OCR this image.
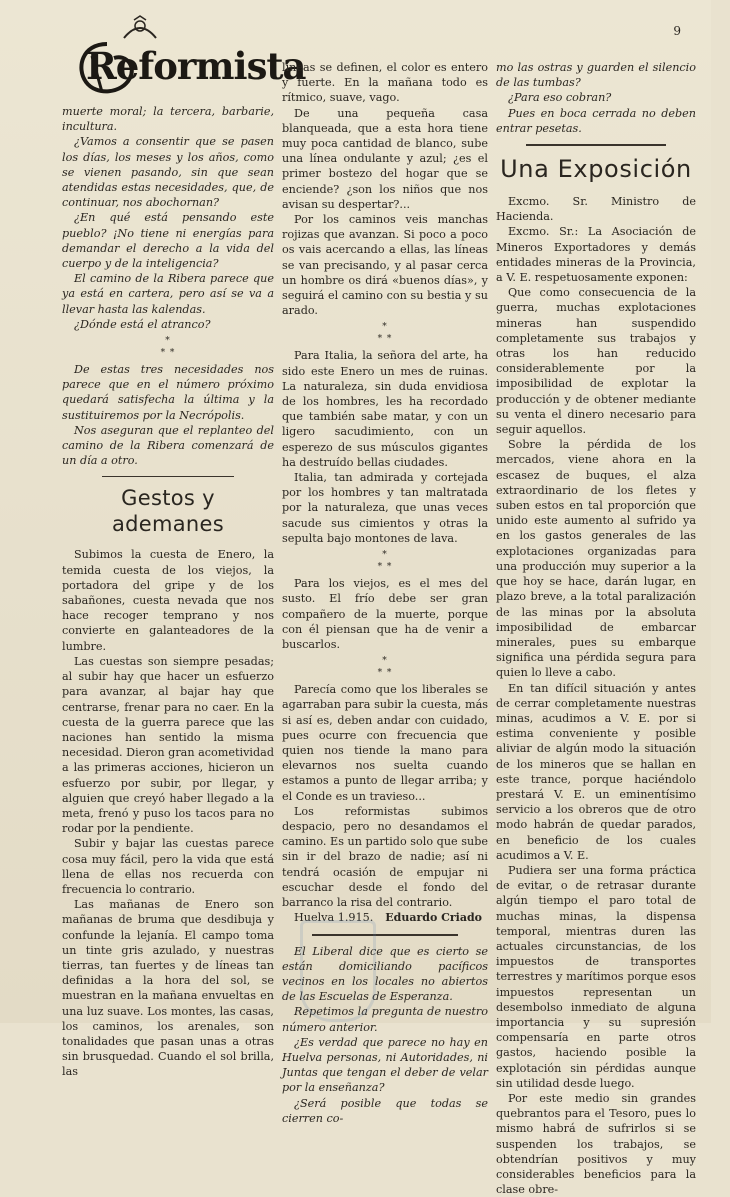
Reformista
9

muerte moral; la tercera, barbarie, incultura.

¿Vamos a consentir que se pasen los días, los meses y los años, como se vienen pasando, sin que sean atendidas estas necesidades, que, de continuar, nos abochornan?

¿En qué está pensando este pueblo? ¡No tiene ni energías para demandar el derecho a la vida del cuerpo y de la inteligencia?

El camino de la Ribera parece que ya está en cartera, pero así se va a llevar hasta las kalendas.

¿Dónde está el atranco?

*
* *

De estas tres necesidades nos parece que en el número próximo quedará satisfecha la última y la sustituiremos por la Necrópolis.

Nos aseguran que el replanteo del camino de la Ribera comenzará de un día a otro.

Gestos y ademanes

Subimos la cuesta de Enero, la temida cuesta de los viejos, la portadora del gripe y de los sabañones, cuesta nevada que nos hace recoger temprano y nos convierte en galanteadores de la lumbre.

Las cuestas son siempre pesadas; al subir hay que hacer un esfuerzo para avanzar, al bajar hay que centrarse, frenar para no caer. En la cuesta de la guerra parece que las naciones han sentido la misma necesidad. Dieron gran acometividad a las primeras acciones, hicieron un esfuerzo por subir, por llegar, y alguien que creyó haber llegado a la meta, frenó y puso los tacos para no rodar por la pendiente.

Subir y bajar las cuestas parece cosa muy fácil, pero la vida que está llena de ellas nos recuerda con frecuencia lo contrario.

Las mañanas de Enero son mañanas de bruma que desdibuja y confunde la lejanía. El campo toma un tinte gris azulado, y nuestras tierras, tan fuertes y de líneas tan definidas a la hora del sol, se muestran en la mañana envueltas en una luz suave. Los montes, las casas, los caminos, los arenales, son tonalidades que pasan unas a otras sin brusquedad. Cuando el sol brilla, las

líneas se definen, el color es entero y fuerte. En la mañana todo es rítmico, suave, vago.

De una pequeña casa blanqueada, que a esta hora tiene muy poca cantidad de blanco, sube una línea ondulante y azul; ¿es el primer bostezo del hogar que se enciende? ¿son los niños que nos avisan su despertar?...

Por los caminos veis manchas rojizas que avanzan. Si poco a poco os vais acercando a ellas, las líneas se van precisando, y al pasar cerca un hombre os dirá «buenos días», y seguirá el camino con su bestia y su arado.

*
* *

Para Italia, la señora del arte, ha sido este Enero un mes de ruinas. La naturaleza, sin duda envidiosa de los hombres, les ha recordado que también sabe matar, y con un ligero sacudimiento, con un esperezo de sus músculos gigantes ha destruído bellas ciudades.

Italia, tan admirada y cortejada por los hombres y tan maltratada por la naturaleza, que unas veces sacude sus cimientos y otras la sepulta bajo montones de lava.

*
* *

Para los viejos, es el mes del susto. El frío debe ser gran compañero de la muerte, porque con él piensan que ha de venir a buscarlos.

*
* *

Parecía como que los liberales se agarraban para subir la cuesta, más si así es, deben andar con cuidado, pues ocurre con frecuencia que quien nos tiende la mano para elevarnos nos suelta cuando estamos a punto de llegar arriba; y el Conde es un travieso...

Los reformistas subimos despacio, pero no desandamos el camino. Es un partido solo que sube sin ir del brazo de nadie; así ni tendrá ocasión de empujar ni escuchar desde el fondo del barranco la risa del contrario.

Eduardo Criado

Huelva 1.915.

El Liberal dice que es cierto se están domiciliando pacíficos vecinos en los locales no abiertos de las Escuelas de Esperanza.

Repetimos la pregunta de nuestro número anterior.

¿Es verdad que parece no hay en Huelva personas, ni Autoridades, ni Juntas que tengan el deber de velar por la enseñanza?

¿Será posible que todas se cierren co-

mo las ostras y guarden el silencio de las tumbas?

¿Para eso cobran?

Pues en boca cerrada no deben entrar pesetas.

Una Exposición

Excmo. Sr. Ministro de Hacienda.

Excmo. Sr.: La Asociación de Mineros Exportadores y demás entidades mineras de la Provincia, a V. E. respetuosamente exponen:

Que como consecuencia de la guerra, muchas explotaciones mineras han suspendido completamente sus trabajos y otras los han reducido considerablemente por la imposibilidad de explotar la producción y de obtener mediante su venta el dinero necesario para seguir aquellos.

Sobre la pérdida de los mercados, viene ahora en la escasez de buques, el alza extraordinario de los fletes y suben estos en tal proporción que unido este aumento al sufrido ya en los gastos generales de las explotaciones organizadas para una producción muy superior a la que hoy se hace, darán lugar, en plazo breve, a la total paralización de las minas por la absoluta imposibilidad de embarcar minerales, pues su embarque significa una pérdida segura para quien lo lleve a cabo.

En tan difícil situación y antes de cerrar completamente nuestras minas, acudimos a V. E. por si estima conveniente y posible aliviar de algún modo la situación de los mineros que se hallan en este trance, porque haciéndolo prestará V. E. un eminentísimo servicio a los obreros que de otro modo habrán de quedar parados, en beneficio de los cuales acudimos a V. E.

Pudiera ser una forma práctica de evitar, o de retrasar durante algún tiempo el paro total de muchas minas, la dispensa temporal, mientras duren las actuales circunstancias, de los impuestos de transportes terrestres y marítimos porque esos impuestos representan un desembolso inmediato de alguna importancia y su supresión compensaría en parte otros gastos, haciendo posible la explotación sin pérdidas aunque sin utilidad desde luego.

Por este medio sin grandes quebrantos para el Tesoro, pues lo mismo habrá de sufrirlos si se suspenden los trabajos, se obtendrían positivos y muy considerables beneficios para la clase obre-
